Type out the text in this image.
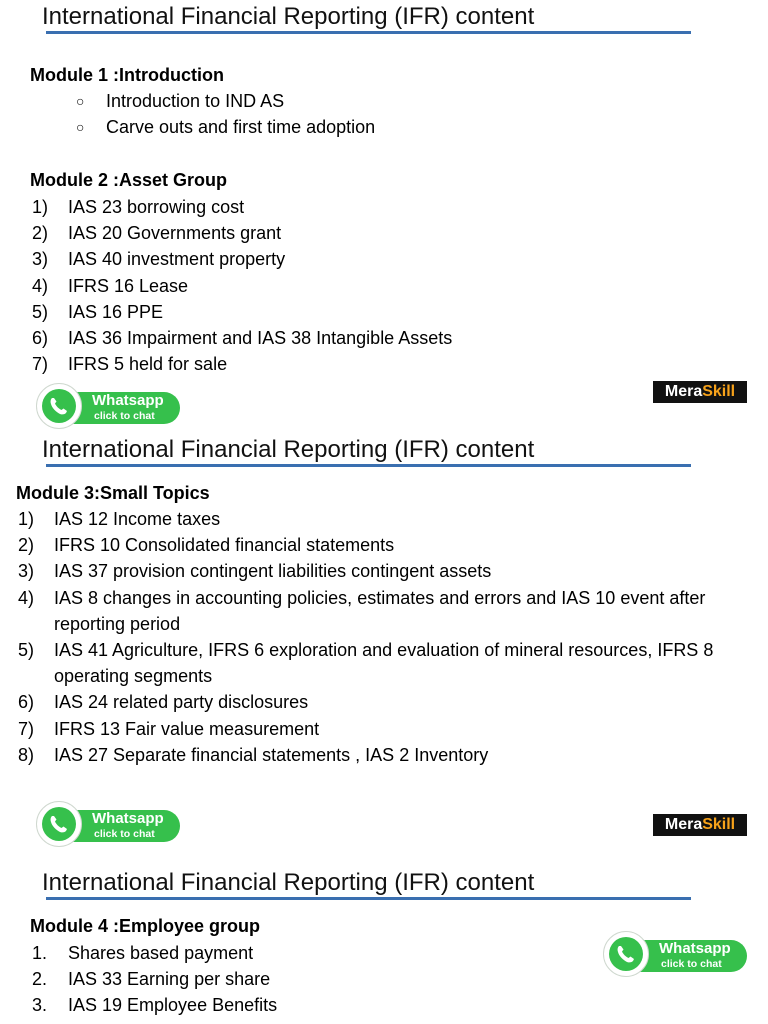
International Financial Reporting (IFR) content
Module 1 :Introduction
○	Introduction to IND AS
○	Carve outs and first time adoption
Module 2 :Asset Group
1)	IAS 23 borrowing cost
2)	IAS 20 Governments grant
3)	IAS 40 investment property
4)	IFRS 16 Lease
5)	IAS 16 PPE
6)	IAS 36 Impairment and IAS 38 Intangible Assets
7)	IFRS 5 held for sale
Whatsapp
click to chat
MeraSkill
International Financial Reporting (IFR) content
Module 3:Small Topics
1)	IAS 12 Income taxes
2)	IFRS 10 Consolidated financial statements
3)	IAS 37 provision contingent liabilities contingent assets
4)	IAS 8 changes in accounting policies, estimates and errors and IAS 10 event after reporting period
5)	IAS 41 Agriculture, IFRS 6 exploration and evaluation of mineral resources, IFRS 8 operating segments
6)	IAS 24 related party disclosures
7)	IFRS 13 Fair value measurement
8)	IAS 27 Separate financial statements , IAS 2 Inventory
Whatsapp
click to chat
MeraSkill
International Financial Reporting (IFR) content
Module 4 :Employee group
1.	Shares based payment
2.	IAS 33 Earning per share
3.	IAS 19 Employee Benefits
Whatsapp
click to chat
